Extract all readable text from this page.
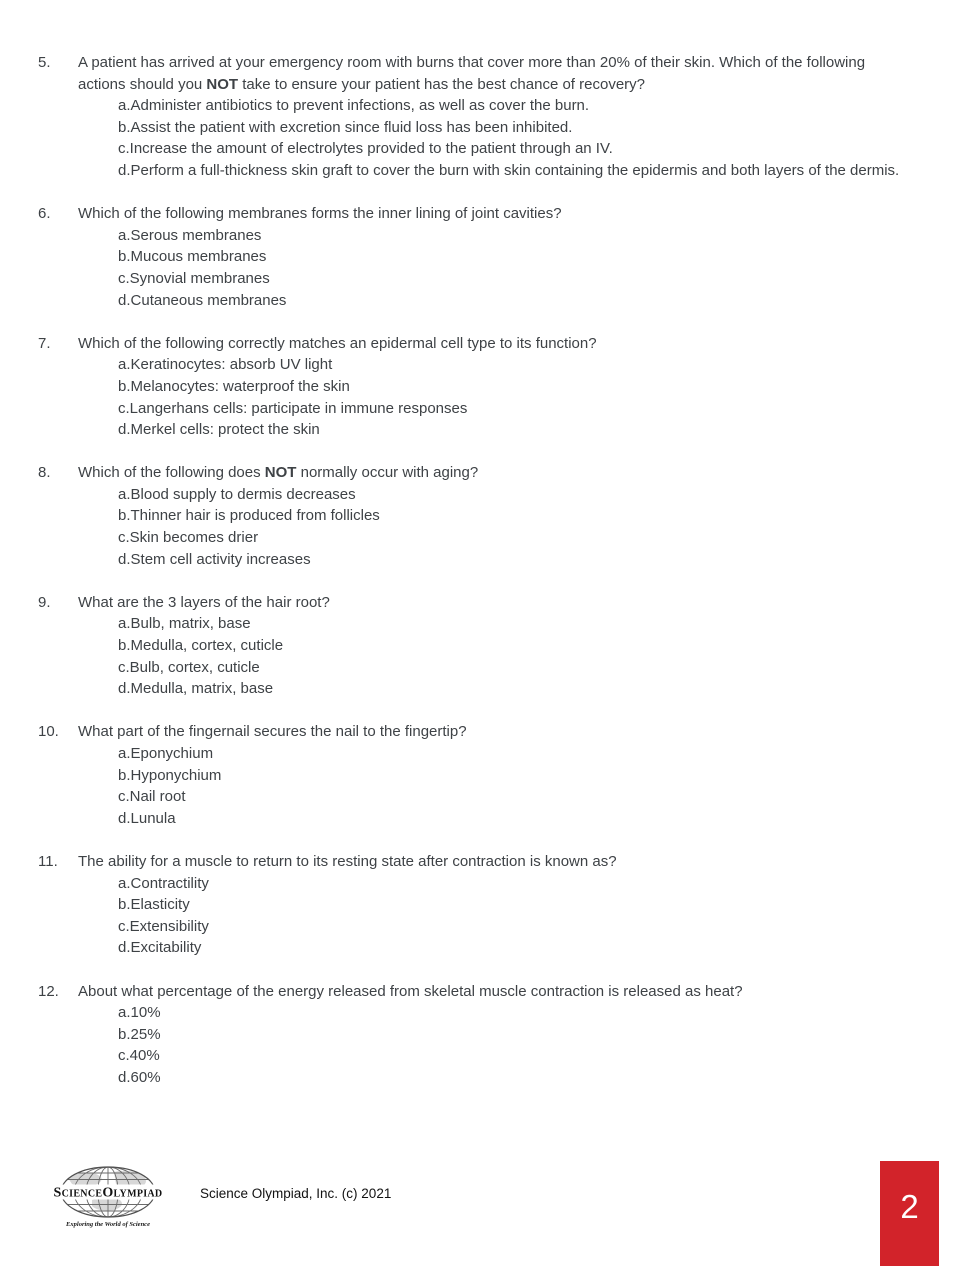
5. A patient has arrived at your emergency room with burns that cover more than 20% of their skin. Which of the following actions should you NOT take to ensure your patient has the best chance of recovery?
a.Administer antibiotics to prevent infections, as well as cover the burn.
b.Assist the patient with excretion since fluid loss has been inhibited.
c.Increase the amount of electrolytes provided to the patient through an IV.
d.Perform a full-thickness skin graft to cover the burn with skin containing the epidermis and both layers of the dermis.
6. Which of the following membranes forms the inner lining of joint cavities?
a.Serous membranes
b.Mucous membranes
c.Synovial membranes
d.Cutaneous membranes
7. Which of the following correctly matches an epidermal cell type to its function?
a.Keratinocytes: absorb UV light
b.Melanocytes: waterproof the skin
c.Langerhans cells: participate in immune responses
d.Merkel cells: protect the skin
8. Which of the following does NOT normally occur with aging?
a.Blood supply to dermis decreases
b.Thinner hair is produced from follicles
c.Skin becomes drier
d.Stem cell activity increases
9. What are the 3 layers of the hair root?
a.Bulb, matrix, base
b.Medulla, cortex, cuticle
c.Bulb, cortex, cuticle
d.Medulla, matrix, base
10. What part of the fingernail secures the nail to the fingertip?
a.Eponychium
b.Hyponychium
c.Nail root
d.Lunula
11. The ability for a muscle to return to its resting state after contraction is known as?
a.Contractility
b.Elasticity
c.Extensibility
d.Excitability
12. About what percentage of the energy released from skeletal muscle contraction is released as heat?
a.10%
b.25%
c.40%
d.60%
ScienceOlympiad
Exploring the World of Science
Science Olympiad, Inc. (c) 2021	2
